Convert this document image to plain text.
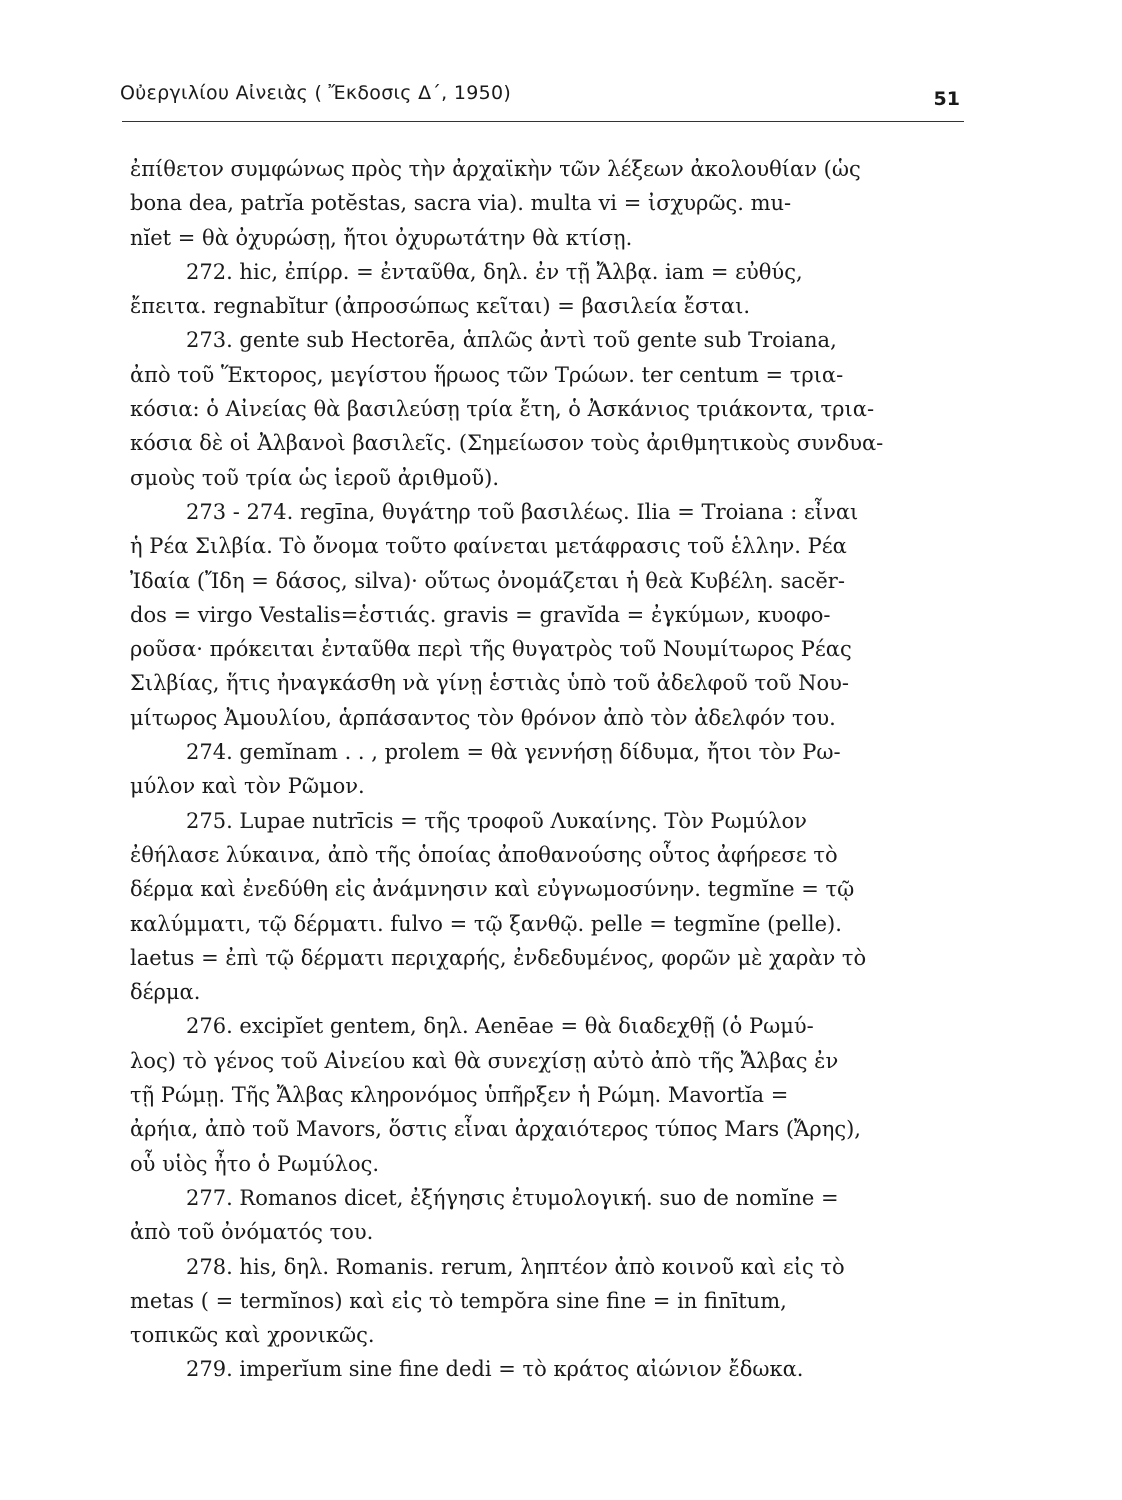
Οὐεργιλίου Αἰνειὰς ( Ἔκδοσις Δ΄, 1950)	51
ἐπίθετον συμφώνως πρὸς τὴν ἀρχαϊκὴν τῶν λέξεων ἀκολουθίαν (ὡς
bona dea, patrĭa potĕstas, sacra via). multa vi = ἰσχυρῶς. mu-
nĭet = θὰ ὀχυρώσῃ, ἤτοι ὀχυρωτάτην θὰ κτίσῃ.
272. hic, ἐπίρρ. = ἐνταῦθα, δηλ. ἐν τῇ Ἄλβᾳ. iam = εὐθύς,
ἔπειτα. regnabĭtur (ἀπροσώπως κεῖται) = βασιλεία ἔσται.
273. gente sub Hectorēa, ἁπλῶς ἀντὶ τοῦ gente sub Troiana,
ἀπὸ τοῦ Ἕκτορος, μεγίστου ἥρωος τῶν Τρώων. ter centum = τρια-
κόσια: ὁ Αἰνείας θὰ βασιλεύσῃ τρία ἔτη, ὁ Ἀσκάνιος τριάκοντα, τρια-
κόσια δὲ οἱ Ἀλβανοὶ βασιλεῖς. (Σημείωσον τοὺς ἀριθμητικοὺς συνδυα-
σμοὺς τοῦ τρία ὡς ἱεροῦ ἀριθμοῦ).
273 - 274. regīna, θυγάτηρ τοῦ βασιλέως. Ilia = Troiana : εἶναι
ἡ Ρέα Σιλβία. Τὸ ὄνομα τοῦτο φαίνεται μετάφρασις τοῦ ἑλλην. Ρέα
Ἰδαία (Ἴδη = δάσος, silva)· οὕτως ὀνομάζεται ἡ θεὰ Κυβέλη. sacĕr-
dos = virgo Vestalis=ἑστιάς. gravis = gravĭda = ἐγκύμων, κυοφο-
ροῦσα· πρόκειται ἐνταῦθα περὶ τῆς θυγατρὸς τοῦ Νουμίτωρος Ρέας
Σιλβίας, ἥτις ἠναγκάσθη νὰ γίνῃ ἑστιὰς ὑπὸ τοῦ ἀδελφοῦ τοῦ Νου-
μίτωρος Ἀμουλίου, ἁρπάσαντος τὸν θρόνον ἀπὸ τὸν ἀδελφόν του.
274. gemĭnam . . , prolem = θὰ γεννήσῃ δίδυμα, ἤτοι τὸν Ρω-
μύλον καὶ τὸν Ρῶμον.
275. Lupae nutrīcis = τῆς τροφοῦ Λυκαίνης. Τὸν Ρωμύλον
ἐθήλασε λύκαινα, ἀπὸ τῆς ὁποίας ἀποθανούσης οὗτος ἀφήρεσε τὸ
δέρμα καὶ ἐνεδύθη εἰς ἀνάμνησιν καὶ εὐγνωμοσύνην. tegmĭne = τῷ
καλύμματι, τῷ δέρματι. fulvo = τῷ ξανθῷ. pelle = tegmĭne (pelle).
laetus = ἐπὶ τῷ δέρματι περιχαρής, ἐνδεδυμένος, φορῶν μὲ χαρὰν τὸ
δέρμα.
276. excipĭet gentem, δηλ. Aenēae = θὰ διαδεχθῇ (ὁ Ρωμύ-
λος) τὸ γένος τοῦ Αἰνείου καὶ θὰ συνεχίσῃ αὐτὸ ἀπὸ τῆς Ἄλβας ἐν
τῇ Ρώμῃ. Τῆς Ἄλβας κληρονόμος ὑπῆρξεν ἡ Ρώμη. Mavortĭa =
ἀρήια, ἀπὸ τοῦ Mavors, ὅστις εἶναι ἀρχαιότερος τύπος Mars (Ἄρης),
οὗ υἱὸς ἦτο ὁ Ρωμύλος.
277. Romanos dicet, ἐξήγησις ἐτυμολογική. suo de nomĭne =
ἀπὸ τοῦ ὀνόματός του.
278. his, δηλ. Romanis. rerum, ληπτέον ἀπὸ κοινοῦ καὶ εἰς τὸ
metas ( = termĭnos) καὶ εἰς τὸ tempŏra sine fine = in finītum,
τοπικῶς καὶ χρονικῶς.
279. imperĭum sine fine dedi = τὸ κράτος αἰώνιον ἔδωκα.
